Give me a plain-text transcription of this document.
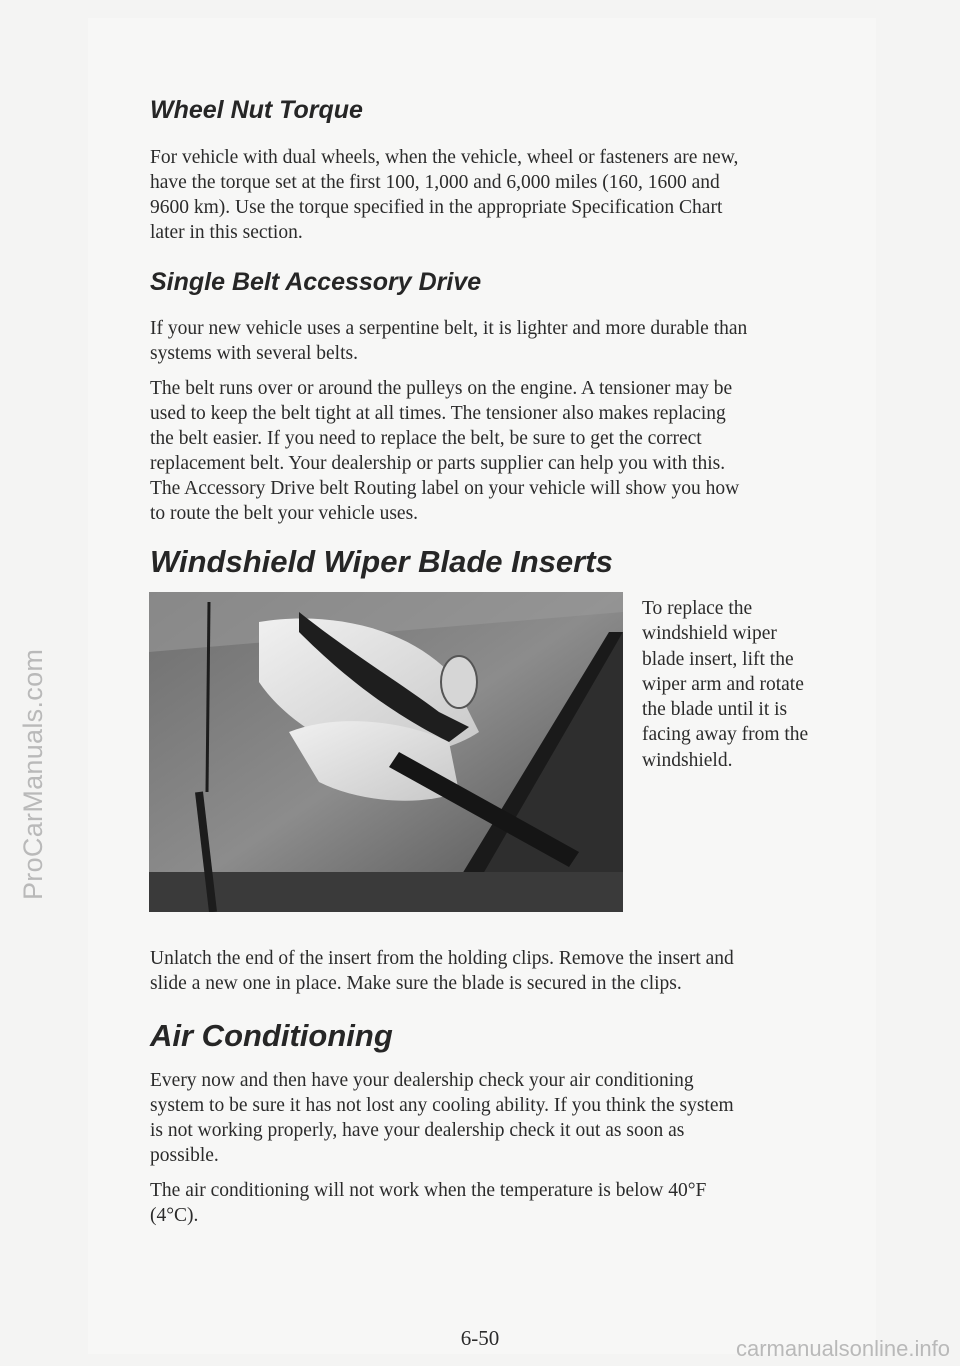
ProCarManuals.com
Wheel Nut Torque

For vehicle with dual wheels, when the vehicle, wheel or fasteners are new,
have the torque set at the first 100, 1,000 and 6,000 miles (160, 1600 and
9600 km). Use the torque specified in the appropriate Specification Chart
later in this section.

Single Belt Accessory Drive

If your new vehicle uses a serpentine belt, it is lighter and more durable than
systems with several belts.

The belt runs over or around the pulleys on the engine. A tensioner may be
used to keep the belt tight at all times. The tensioner also makes replacing
the belt easier. If you need to replace the belt, be sure to get the correct
replacement belt. Your dealership or parts supplier can help you with this.
The Accessory Drive belt Routing label on your vehicle will show you how
to route the belt your vehicle uses.

Windshield Wiper Blade Inserts

To replace the
windshield wiper
blade insert, lift the
wiper arm and rotate
the blade until it is
facing away from the
windshield.

Unlatch the end of the insert from the holding clips. Remove the insert and
slide a new one in place. Make sure the blade is secured in the clips.

Air Conditioning

Every now and then have your dealership check your air conditioning
system to be sure it has not lost any cooling ability. If you think the system
is not working properly, have your dealership check it out as soon as
possible.

The air conditioning will not work when the temperature is below 40°F
(4°C).

6-50	carmanualsonline.info
